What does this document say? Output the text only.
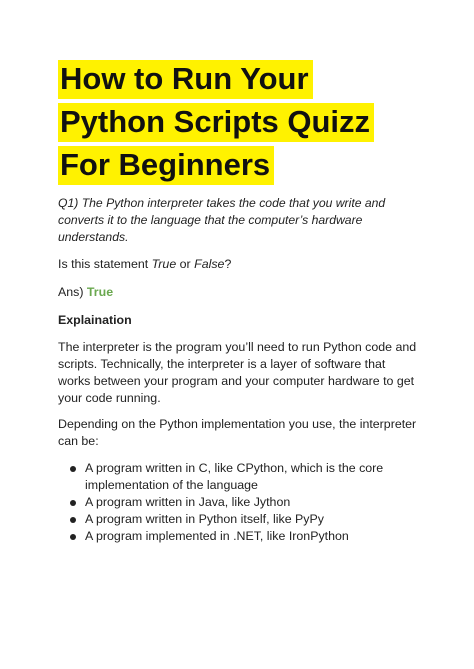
How to Run Your Python Scripts Quizz For Beginners

Q1) The Python interpreter takes the code that you write and converts it to the language that the computer’s hardware understands.

Is this statement True or False?

Ans) True

Explaination

The interpreter is the program you’ll need to run Python code and scripts. Technically, the interpreter is a layer of software that works between your program and your computer hardware to get your code running.

Depending on the Python implementation you use, the interpreter can be:

A program written in C, like CPython, which is the core implementation of the language
A program written in Java, like Jython
A program written in Python itself, like PyPy
A program implemented in .NET, like IronPython
